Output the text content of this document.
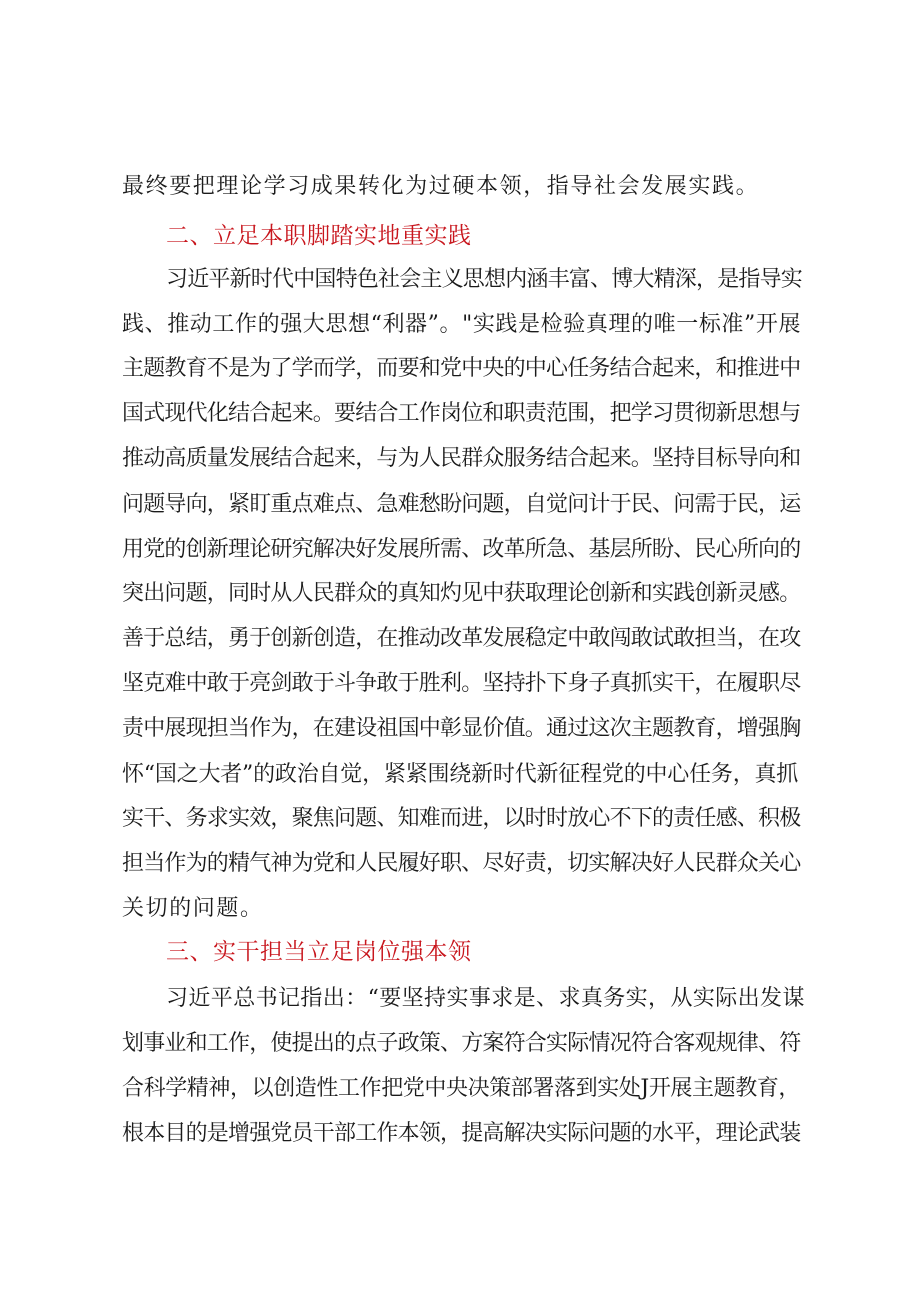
最终要把理论学习成果转化为过硬本领，指导社会发展实践。
二、立足本职脚踏实地重实践
习近平新时代中国特色社会主义思想内涵丰富、博大精深，是指导实
践、推动工作的强大思想“利器”。"实践是检验真理的唯一标准”开展
主题教育不是为了学而学，而要和党中央的中心任务结合起来，和推进中
国式现代化结合起来。要结合工作岗位和职责范围，把学习贯彻新思想与
推动高质量发展结合起来，与为人民群众服务结合起来。坚持目标导向和
问题导向，紧盯重点难点、急难愁盼问题，自觉问计于民、问需于民，运
用党的创新理论研究解决好发展所需、改革所急、基层所盼、民心所向的
突出问题，同时从人民群众的真知灼见中获取理论创新和实践创新灵感。
善于总结，勇于创新创造，在推动改革发展稳定中敢闯敢试敢担当，在攻
坚克难中敢于亮剑敢于斗争敢于胜利。坚持扑下身子真抓实干，在履职尽
责中展现担当作为，在建设祖国中彰显价值。通过这次主题教育，增强胸
怀“国之大者”的政治自觉，紧紧围绕新时代新征程党的中心任务，真抓
实干、务求实效，聚焦问题、知难而进，以时时放心不下的责任感、积极
担当作为的精气神为党和人民履好职、尽好责，切实解决好人民群众关心
关切的问题。
三、实干担当立足岗位强本领
习近平总书记指出：“要坚持实事求是、求真务实，从实际出发谋
划事业和工作，使提出的点子政策、方案符合实际情况符合客观规律、符
合科学精神，以创造性工作把党中央决策部署落到实处J开展主题教育，
根本目的是增强党员干部工作本领，提高解决实际问题的水平，理论武装
